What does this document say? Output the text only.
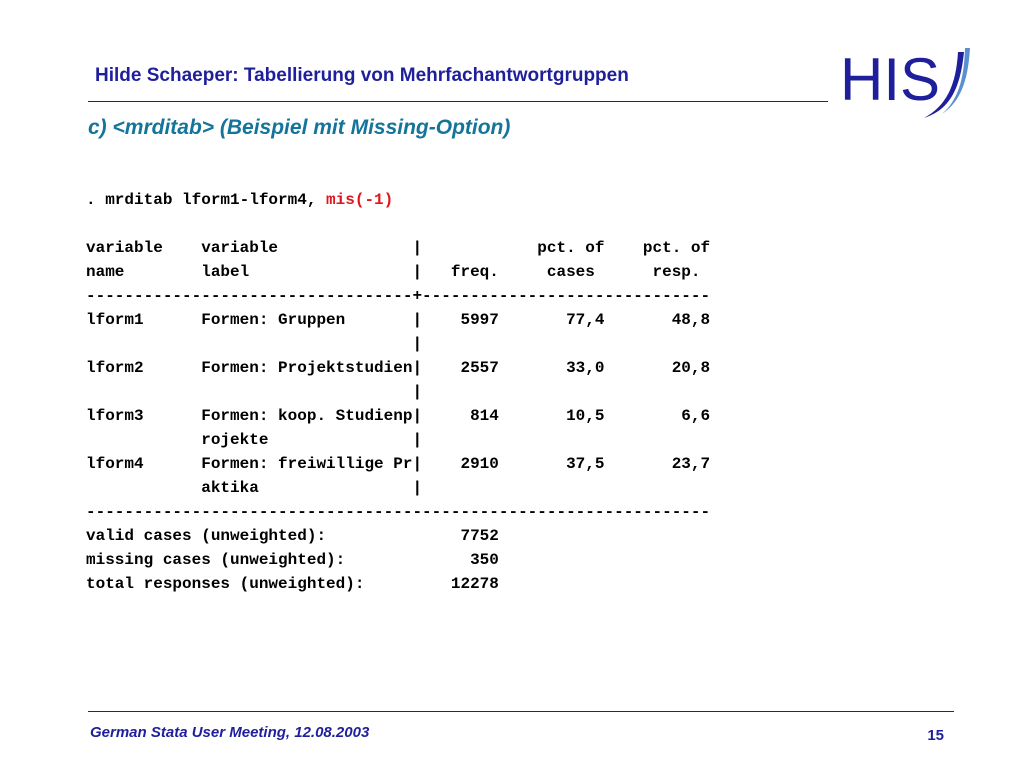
Hilde Schaeper: Tabellierung von Mehrfachantwortgruppen	HIS
c) <mrditab> (Beispiel mit Missing-Option)
. mrditab lform1-lform4, mis(-1)
variable    variable              |            pct. of    pct. of
name        label                 |   freq.     cases      resp.
----------------------------------+------------------------------
lform1      Formen: Gruppen       |    5997       77,4       48,8
|
lform2      Formen: Projektstudien|    2557       33,0       20,8
|
lform3      Formen: koop. Studienp|     814       10,5        6,6
rojekte               |
lform4      Formen: freiwillige Pr|    2910       37,5       23,7
aktika                |
-----------------------------------------------------------------
valid cases (unweighted):              7752
missing cases (unweighted):             350
total responses (unweighted):         12278
German Stata User Meeting, 12.08.2003	15
